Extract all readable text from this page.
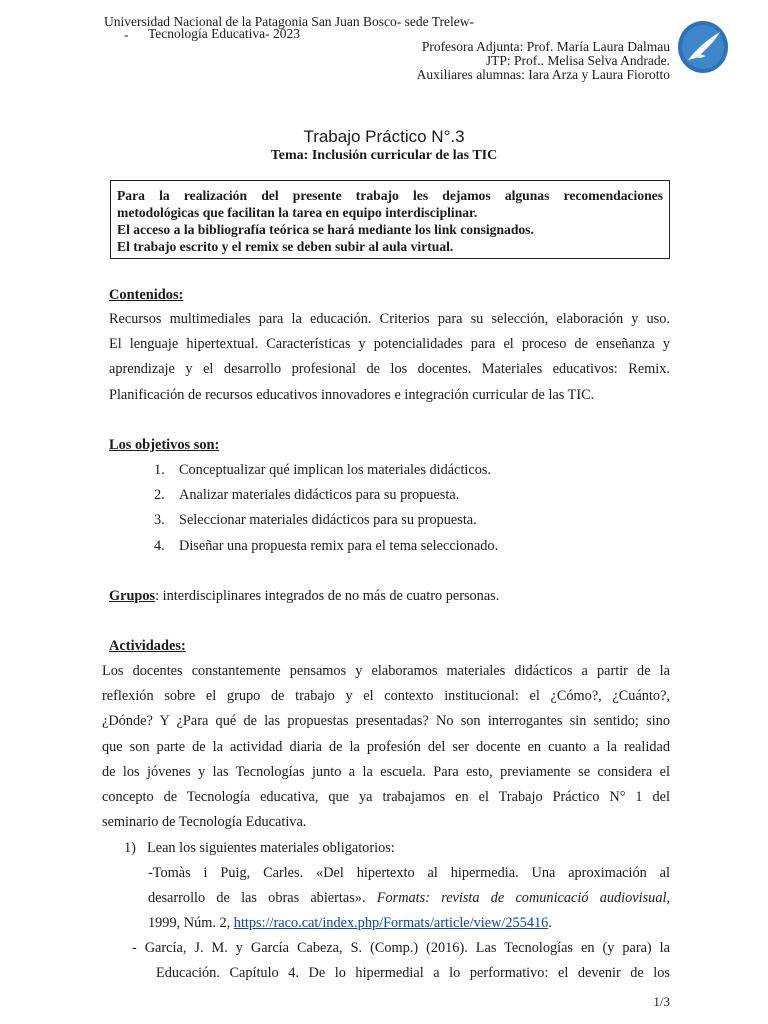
Universidad Nacional de la Patagonia San Juan Bosco- sede Trelew-
- Tecnología Educativa- 2023
Profesora Adjunta: Prof. María Laura Dalmau
JTP: Prof.. Melisa Selva Andrade.
Auxiliares alumnas: Iara Arza y Laura Fiorotto
Trabajo Práctico N°.3
Tema: Inclusión curricular de las TIC

Para la realización del presente trabajo les dejamos algunas recomendaciones

metodológicas que facilitan la tarea en equipo interdisciplinar.

El acceso a la bibliografía teórica se hará mediante los link consignados.

El trabajo escrito y el remix se deben subir al aula virtual.

Contenidos:

Recursos multimediales para la educación. Criterios para su selección, elaboración y uso.

El lenguaje hipertextual. Características y potencialidades para el proceso de enseñanza y

aprendizaje y el desarrollo profesional de los docentes. Materiales educativos: Remix.

Planificación de recursos educativos innovadores e integración curricular de las TIC.

Los objetivos son:
1. Conceptualizar qué implican los materiales didácticos.
2. Analizar materiales didácticos para su propuesta.
3. Seleccionar materiales didácticos para su propuesta.
4. Diseñar una propuesta remix para el tema seleccionado.
Grupos: interdisciplinares integrados de no más de cuatro personas.
Actividades:

Los docentes constantemente pensamos y elaboramos materiales didácticos a partir de la

reflexión sobre el grupo de trabajo y el contexto institucional: el ¿Cómo?, ¿Cuánto?,

¿Dónde? Y ¿Para qué de las propuestas presentadas? No son interrogantes sin sentido; sino

que son parte de la actividad diaria de la profesión del ser docente en cuanto a la realidad

de los jóvenes y las Tecnologías junto a la escuela. Para esto, previamente se considera el

concepto de Tecnología educativa, que ya trabajamos en el Trabajo Práctico N° 1 del

seminario de Tecnología Educativa.

1) Lean los siguientes materiales obligatorios:

-Tomàs i Puig, Carles. «Del hipertexto al hipermedia. Una aproximación al

desarrollo de las obras abiertas». Formats: revista de comunicació audiovisual,

1999, Núm. 2, https://raco.cat/index.php/Formats/article/view/255416.

- García, J. M. y García Cabeza, S. (Comp.) (2016). Las Tecnologías en (y para) la

Educación. Capítulo 4. De lo hipermedial a lo performativo: el devenir de los

1/3
